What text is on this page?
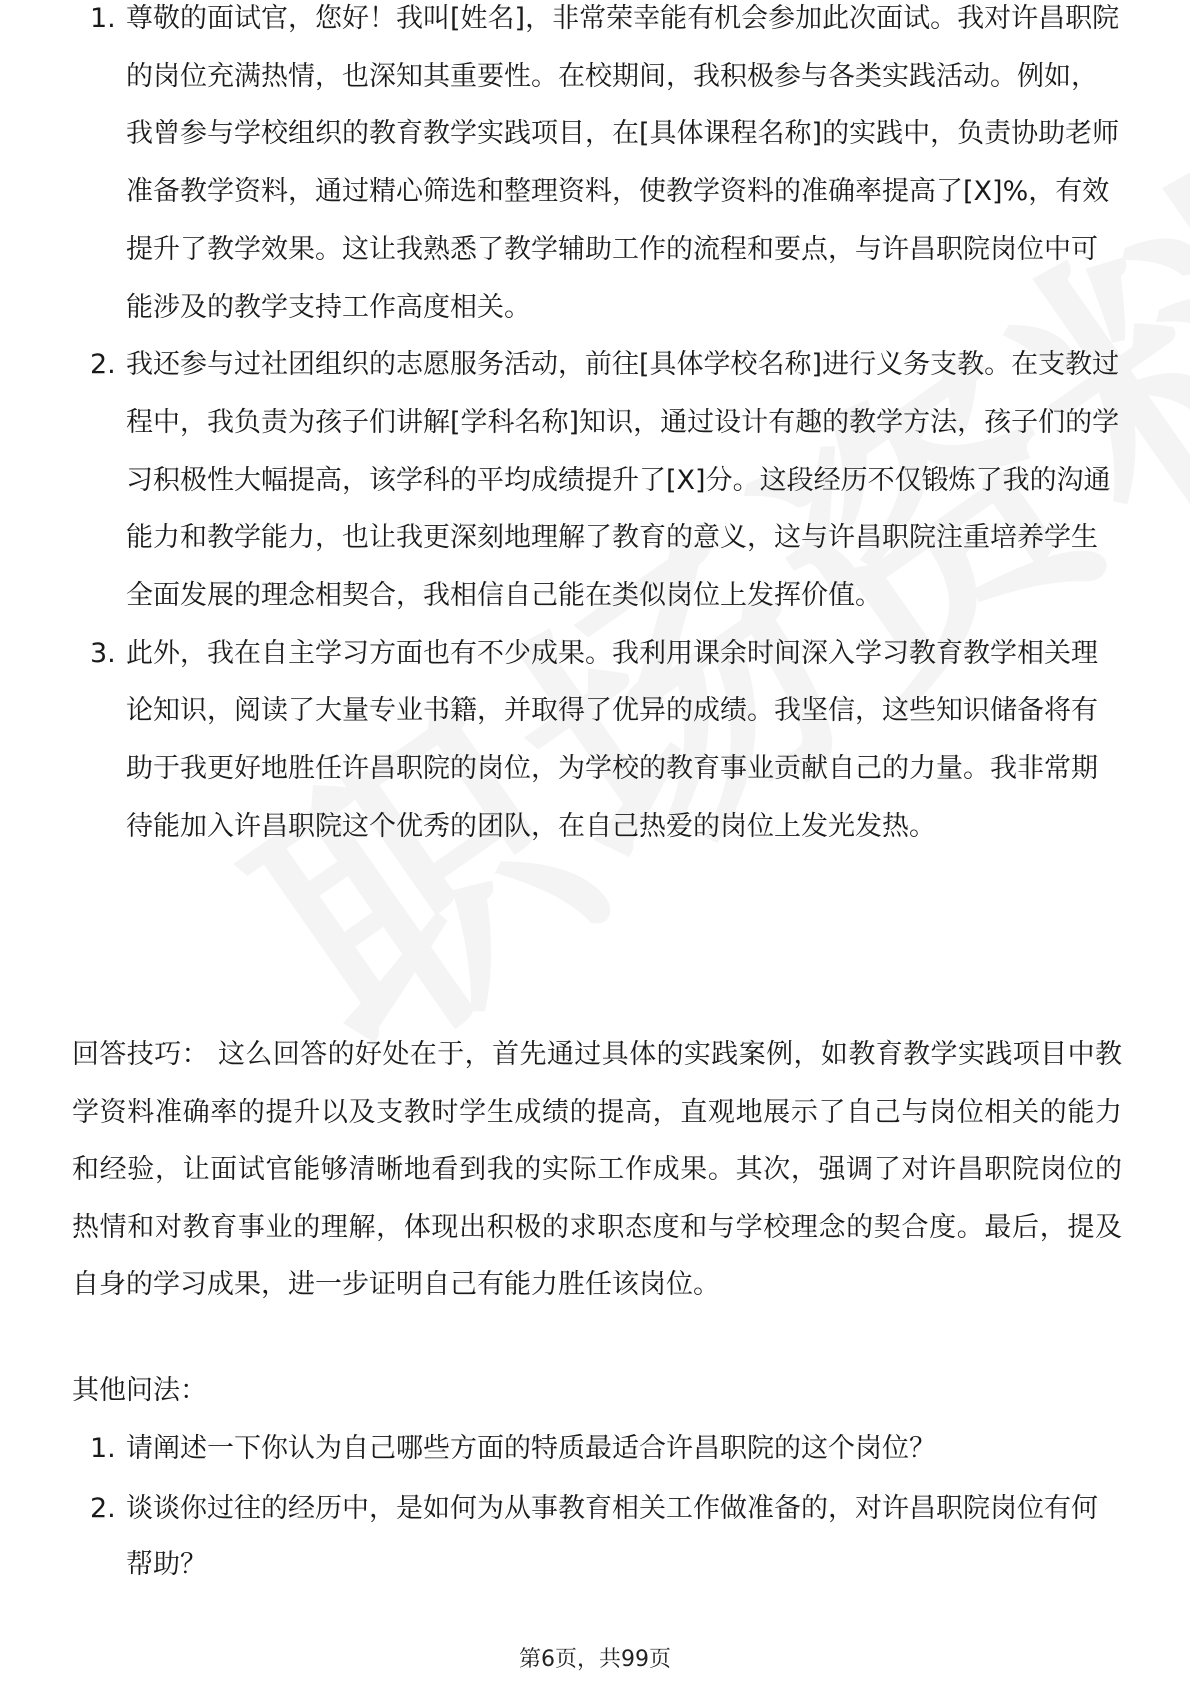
1. 尊敬的面试官，您好！我叫[姓名]，非常荣幸能有机会参加此次面试。我对许昌职院的岗位充满热情，也深知其重要性。在校期间，我积极参与各类实践活动。例如，我曾参与学校组织的教育教学实践项目，在[具体课程名称]的实践中，负责协助老师准备教学资料，通过精心筛选和整理资料，使教学资料的准确率提高了[X]%，有效提升了教学效果。这让我熟悉了教学辅助工作的流程和要点，与许昌职院岗位中可能涉及的教学支持工作高度相关。
2. 我还参与过社团组织的志愿服务活动，前往[具体学校名称]进行义务支教。在支教过程中，我负责为孩子们讲解[学科名称]知识，通过设计有趣的教学方法，孩子们的学习积极性大幅提高，该学科的平均成绩提升了[X]分。这段经历不仅锻炼了我的沟通能力和教学能力，也让我更深刻地理解了教育的意义，这与许昌职院注重培养学生全面发展的理念相契合，我相信自己能在类似岗位上发挥价值。
3. 此外，我在自主学习方面也有不少成果。我利用课余时间深入学习教育教学相关理论知识，阅读了大量专业书籍，并取得了优异的成绩。我坚信，这些知识储备将有助于我更好地胜任许昌职院的岗位，为学校的教育事业贡献自己的力量。我非常期待能加入许昌职院这个优秀的团队，在自己热爱的岗位上发光发热。

回答技巧： 这么回答的好处在于，首先通过具体的实践案例，如教育教学实践项目中教学资料准确率的提升以及支教时学生成绩的提高，直观地展示了自己与岗位相关的能力和经验，让面试官能够清晰地看到我的实际工作成果。其次，强调了对许昌职院岗位的热情和对教育事业的理解，体现出积极的求职态度和与学校理念的契合度。最后，提及自身的学习成果，进一步证明自己有能力胜任该岗位。

其他问法：

1. 请阐述一下你认为自己哪些方面的特质最适合许昌职院的这个岗位？
2. 谈谈你过往的经历中，是如何为从事教育相关工作做准备的，对许昌职院岗位有何帮助？
第6页，共99页
